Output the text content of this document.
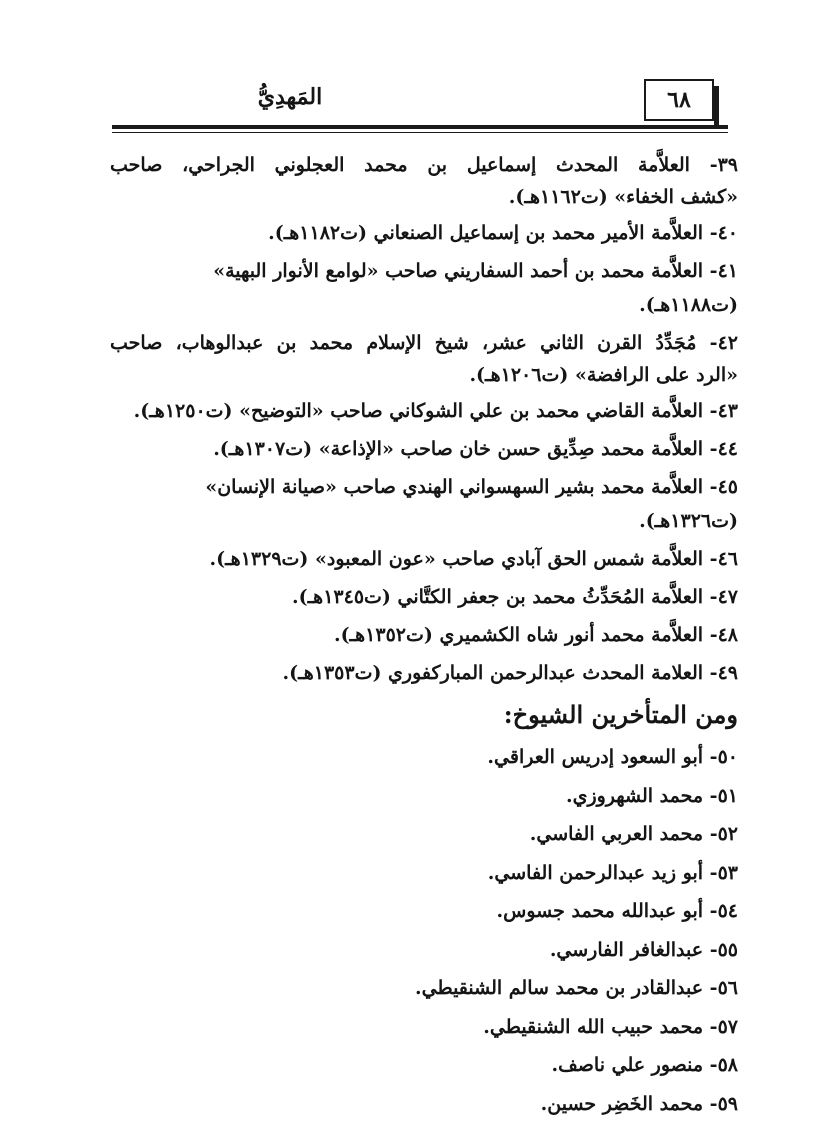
٦٨
المَهدِيُّ

٣٩- العلاَّمة المحدث إسماعيل بن محمد العجلوني الجراحي، صاحب

«كشف الخفاء» (ت١١٦٢هـ).

٤٠- العلاَّمة الأمير محمد بن إسماعيل الصنعاني (ت١١٨٢هـ).

٤١- العلاَّمة محمد بن أحمد السفاريني صاحب «لوامع الأنوار البهية» (ت١١٨٨هـ).

٤٢- مُجَدِّدُ القرن الثاني عشر، شيخ الإسلام محمد بن عبدالوهاب، صاحب

«الرد على الرافضة» (ت١٢٠٦هـ).

٤٣- العلاَّمة القاضي محمد بن علي الشوكاني صاحب «التوضيح» (ت١٢٥٠هـ).

٤٤- العلاَّمة محمد صِدِّيق حسن خان صاحب «الإذاعة» (ت١٣٠٧هـ).

٤٥- العلاَّمة محمد بشير السهسواني الهندي صاحب «صيانة الإنسان» (ت١٣٢٦هـ).

٤٦- العلاَّمة شمس الحق آبادي صاحب «عون المعبود» (ت١٣٢٩هـ).

٤٧- العلاَّمة المُحَدِّثُ محمد بن جعفر الكتَّاني (ت١٣٤٥هـ).

٤٨- العلاَّمة محمد أنور شاه الكشميري (ت١٣٥٢هـ).

٤٩- العلامة المحدث عبدالرحمن المباركفوري (ت١٣٥٣هـ).

ومن المتأخرين الشيوخ:

٥٠- أبو السعود إدريس العراقي.

٥١- محمد الشهروزي.

٥٢- محمد العربي الفاسي.

٥٣- أبو زيد عبدالرحمن الفاسي.

٥٤- أبو عبدالله محمد جسوس.

٥٥- عبدالغافر الفارسي.

٥٦- عبدالقادر بن محمد سالم الشنقيطي.

٥٧- محمد حبيب الله الشنقيطي.

٥٨- منصور علي ناصف.

٥٩- محمد الخَضِر حسين.
